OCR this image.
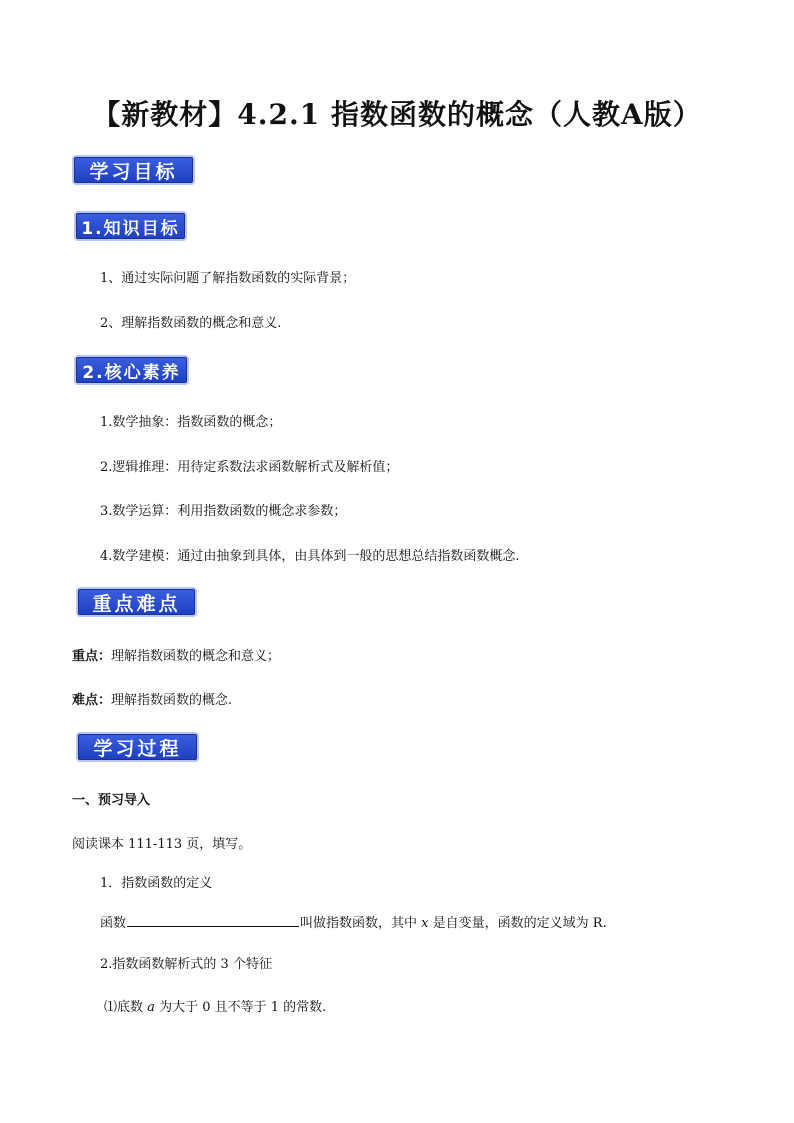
【新教材】4.2.1 指数函数的概念（人教A版）
学习目标
1.知识目标
1、通过实际问题了解指数函数的实际背景；
2、理解指数函数的概念和意义.
2.核心素养
1.数学抽象：指数函数的概念；
2.逻辑推理：用待定系数法求函数解析式及解析值；
3.数学运算：利用指数函数的概念求参数；
4.数学建模：通过由抽象到具体，由具体到一般的思想总结指数函数概念.
重点难点
重点：理解指数函数的概念和意义；
难点：理解指数函数的概念.
学习过程
一、预习导入
阅读课本 111-113 页，填写。
1．指数函数的定义
函数	叫做指数函数，其中 x 是自变量，函数的定义域为 R.
2.指数函数解析式的 3 个特征
⑴底数 a 为大于 0 且不等于 1 的常数.
